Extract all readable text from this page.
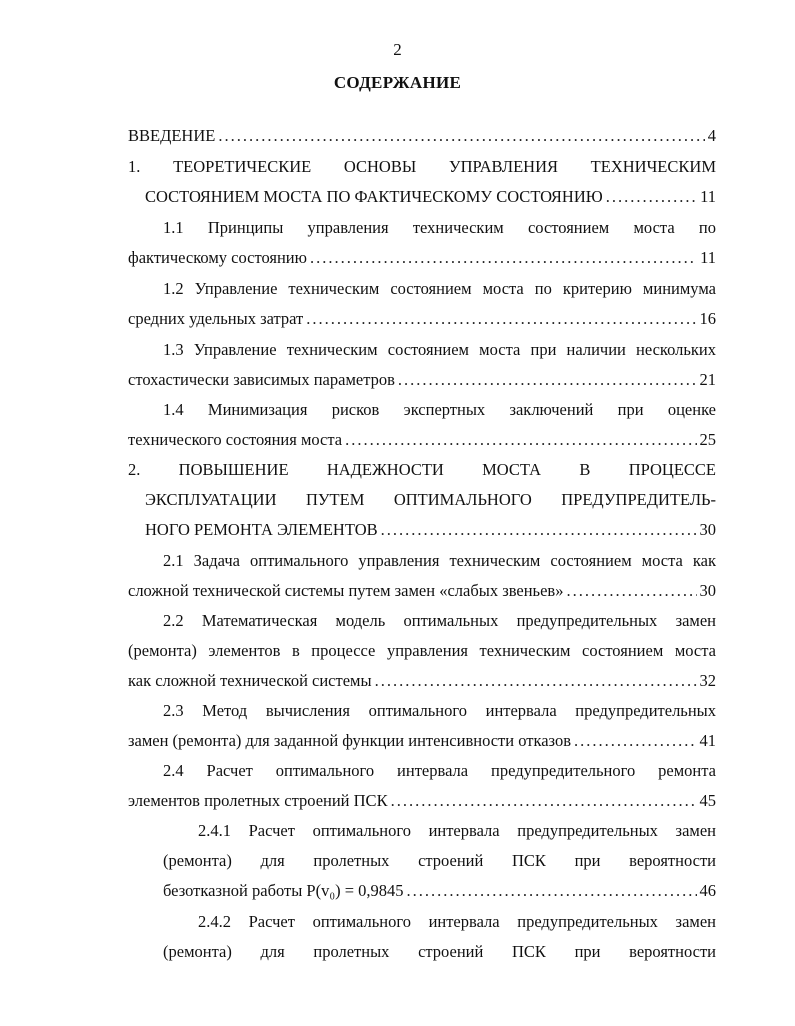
2
СОДЕРЖАНИЕ
ВВЕДЕНИЕ .....	4
1. ТЕОРЕТИЧЕСКИЕ ОСНОВЫ УПРАВЛЕНИЯ ТЕХНИЧЕСКИМ
СОСТОЯНИЕМ МОСТА ПО ФАКТИЧЕСКОМУ СОСТОЯНИЮ .....	11
1.1 Принципы управления техническим состоянием моста по
фактическому состоянию .....	11
1.2 Управление техническим состоянием моста по критерию минимума
средних удельных затрат .....	16
1.3 Управление техническим состоянием моста при наличии нескольких
стохастически зависимых параметров .....	21
1.4 Минимизация рисков экспертных заключений при оценке
технического состояния моста .....	25
2. ПОВЫШЕНИЕ НАДЕЖНОСТИ МОСТА В ПРОЦЕССЕ
ЭКСПЛУАТАЦИИ ПУТЕМ ОПТИМАЛЬНОГО ПРЕДУПРЕДИТЕЛЬ-
НОГО РЕМОНТА ЭЛЕМЕНТОВ .....	30
2.1 Задача оптимального управления техническим состоянием моста как
сложной технической системы путем замен «слабых звеньев» .....	30
2.2 Математическая модель оптимальных предупредительных замен
(ремонта) элементов в процессе управления техническим состоянием моста
как сложной технической системы .....	32
2.3 Метод вычисления оптимального интервала предупредительных
замен (ремонта) для заданной функции интенсивности отказов .....	41
2.4 Расчет оптимального интервала предупредительного ремонта
элементов пролетных строений ПСК .....	45
2.4.1 Расчет оптимального интервала предупредительных замен
(ремонта) для пролетных строений ПСК при вероятности
безотказной работы P(v₀) = 0,9845 .....	46
2.4.2 Расчет оптимального интервала предупредительных замен
(ремонта) для пролетных строений ПСК при вероятности
